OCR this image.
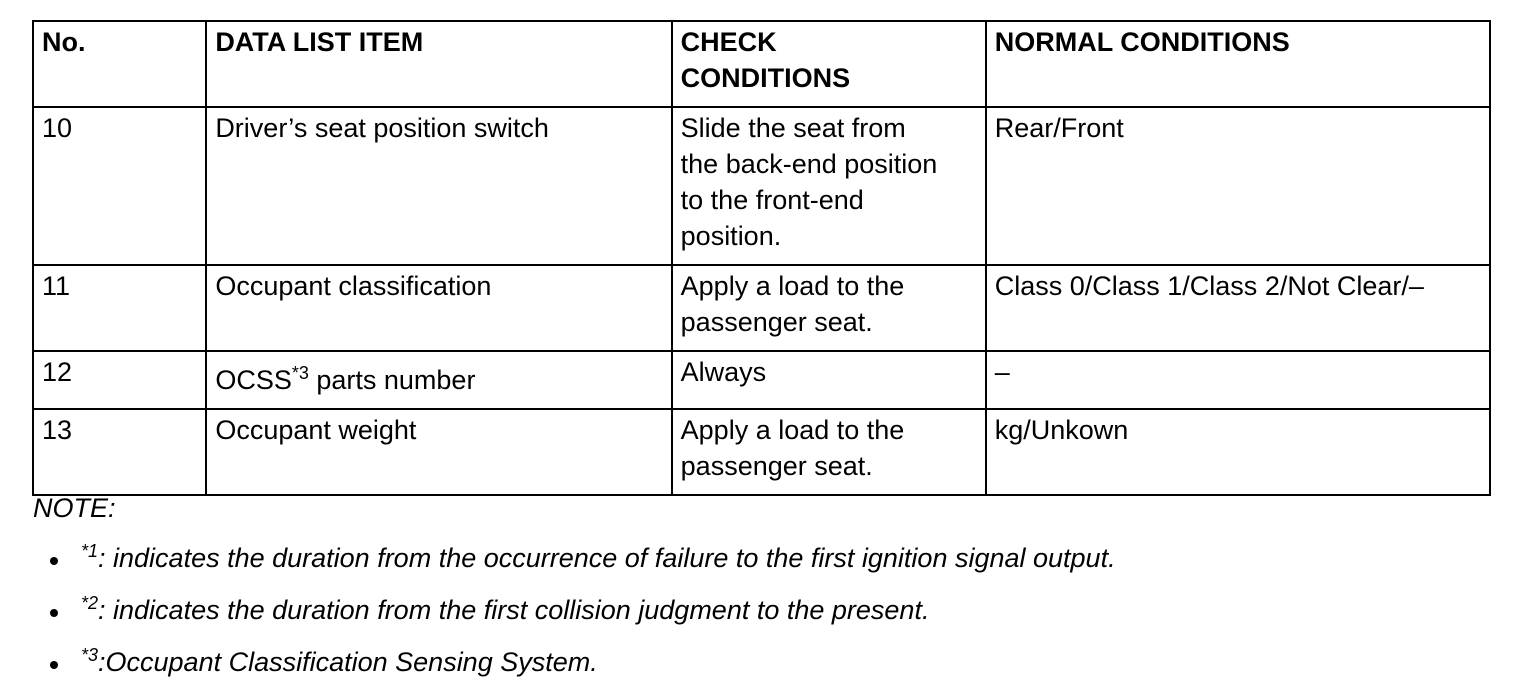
No.	DATA LIST ITEM	CHECK
CONDITIONS	NORMAL CONDITIONS
10	Driver’s seat position switch	Slide the seat from
the back-end position
to the front-end
position.	Rear/Front
11	Occupant classification	Apply a load to the
passenger seat.	Class 0/Class 1/Class 2/Not Clear/–
12	OCSS$^{*3}$ parts number	Always	–
13	Occupant weight	Apply a load to the
passenger seat.	kg/Unkown
NOTE:
$^{*1}$: indicates the duration from the occurrence of failure to the first ignition signal output.
$^{*2}$: indicates the duration from the first collision judgment to the present.
$^{*3}$:Occupant Classification Sensing System.
